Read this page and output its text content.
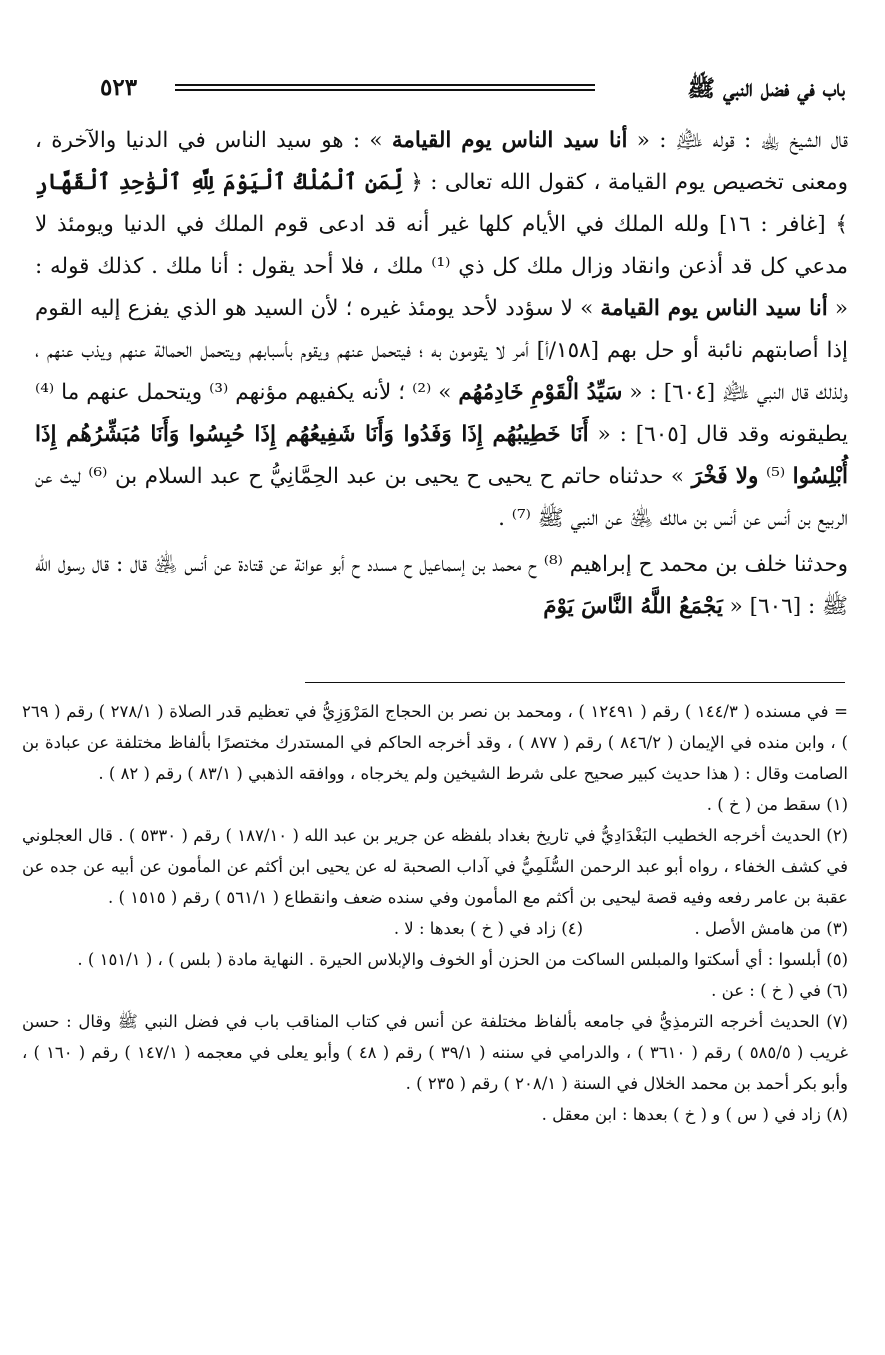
باب في فضل النبي ﷺ
٥٢٣

قال الشيخ ﵀ : قوله ﵇ : « أنا سيد الناس يوم القيامة » : هو سيد الناس في الدنيا والآخرة ، ومعنى تخصيص يوم القيامة ، كقول الله تعالى : ﴿ لِّمَنِ ٱلْمُلْكُ ٱلْيَوْمَ لِلَّهِ ٱلْوَٰحِدِ ٱلْقَهَّارِ ﴾ [غافر : ١٦] ولله الملك في الأيام كلها غير أنه قد ادعى قوم الملك في الدنيا ويومئذ لا مدعي كل قد أذعن وانقاد وزال ملك كل ذي ⁽¹⁾ ملك ، فلا أحد يقول : أنا ملك . كذلك قوله : « أنا سيد الناس يوم القيامة » لا سؤدد لأحد يومئذ غيره ؛ لأن السيد هو الذي يفزع إليه القوم إذا أصابتهم نائبة أو حل بهم [١٥٨/أ] أمر لا يقومون به ؛ فيتحمل عنهم ويقوم بأسبابهم ويتحمل الحمالة عنهم ويذب عنهم ، ولذلك قال النبي ﵇ [٦٠٤] : « سَيِّدُ الْقَوْمِ خَادِمُهُم » ⁽²⁾ ؛ لأنه يكفيهم مؤنهم ⁽³⁾ ويتحمل عنهم ما ⁽⁴⁾ يطيقونه وقد قال [٦٠٥] : « أَنَا خَطِيبُهُم إِذَا وَفَدُوا وَأَنَا شَفِيعُهُم إِذَا حُبِسُوا وَأَنَا مُبَشِّرُهُم إِذَا أُبْلِسُوا ⁽⁵⁾ ولا فَخْرَ » حدثناه حاتم ح يحيى ح يحيى بن عبد الحِمَّانِيُّ ح عبد السلام بن ⁽⁶⁾ ليث عن الربيع بن أنس عن أنس بن مالك ﵁ عن النبي ﷺ ⁽⁷⁾ .

وحدثنا خلف بن محمد ح إبراهيم ⁽⁸⁾ ح محمد بن إسماعيل ح مسدد ح أبو عوانة عن قتادة عن أنس ﵁ قال : قال رسول الله ﷺ : [٦٠٦] « يَجْمَعُ اللَّهُ النَّاسَ يَوْمَ

= في مسنده ( ١٤٤/٣ ) رقم ( ١٢٤٩١ ) ، ومحمد بن نصر بن الحجاج المَرْوَزِيُّ في تعظيم قدر الصلاة ( ٢٧٨/١ ) رقم ( ٢٦٩ ) ، وابن منده في الإيمان ( ٨٤٦/٢ ) رقم ( ٨٧٧ ) ، وقد أخرجه الحاكم في المستدرك مختصرًا بألفاظ مختلفة عن عبادة بن الصامت وقال : ( هذا حديث كبير صحيح على شرط الشيخين ولم يخرجاه ، ووافقه الذهبي ( ٨٣/١ ) رقم ( ٨٢ ) .

(١) سقط من ( خ ) .

(٢) الحديث أخرجه الخطيب البَغْدَادِيُّ في تاريخ بغداد بلفظه عن جرير بن عبد الله ( ١٨٧/١٠ ) رقم ( ٥٣٣٠ ) . قال العجلوني في كشف الخفاء ، رواه أبو عبد الرحمن السُّلَمِيُّ في آداب الصحبة له عن يحيى ابن أكثم عن المأمون عن أبيه عن جده عن عقبة بن عامر رفعه وفيه قصة ليحيى بن أكثم مع المأمون وفي سنده ضعف وانقطاع ( ٥٦١/١ ) رقم ( ١٥١٥ ) .

(٣) من هامش الأصل .
(٤) زاد في ( خ ) بعدها : لا .

(٥) أبلسوا : أي أسكتوا والمبلس الساكت من الحزن أو الخوف والإبلاس الحيرة . النهاية مادة ( بلس ) ، ( ١٥١/١ ) .

(٦) في ( خ ) : عن .

(٧) الحديث أخرجه الترمذِيُّ في جامعه بألفاظ مختلفة عن أنس في كتاب المناقب باب في فضل النبي ﷺ وقال : حسن غريب ( ٥٨٥/٥ ) رقم ( ٣٦١٠ ) ، والدرامي في سننه ( ٣٩/١ ) رقم ( ٤٨ ) وأبو يعلى في معجمه ( ١٤٧/١ ) رقم ( ١٦٠ ) ، وأبو بكر أحمد بن محمد الخلال في السنة ( ٢٠٨/١ ) رقم ( ٢٣٥ ) .

(٨) زاد في ( س ) و ( خ ) بعدها : ابن معقل .
